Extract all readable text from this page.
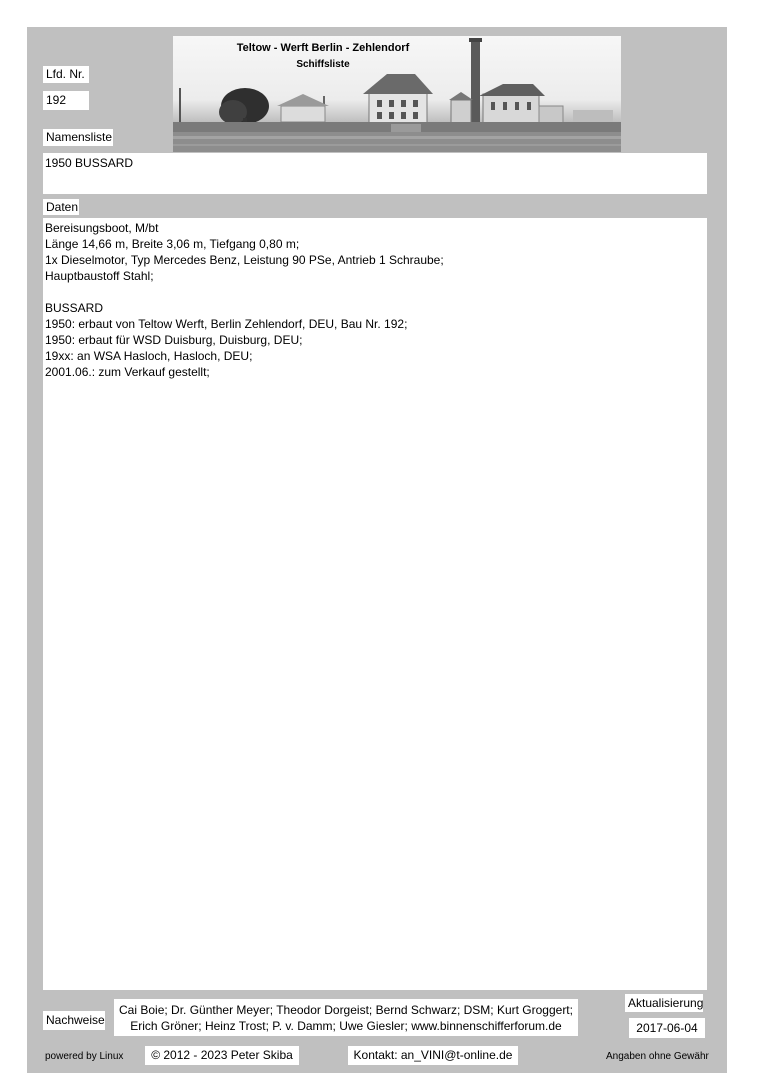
Teltow - Werft Berlin - Zehlendorf
Schiffsliste
Lfd. Nr.
192
Namensliste
1950 BUSSARD
Daten
Bereisungsboot, M/bt
Länge 14,66 m, Breite 3,06 m, Tiefgang 0,80 m;
1x Dieselmotor, Typ Mercedes Benz, Leistung 90 PSe, Antrieb 1 Schraube;
Hauptbaustoff Stahl;

BUSSARD
1950: erbaut von Teltow Werft, Berlin Zehlendorf, DEU, Bau Nr. 192;
1950: erbaut für WSD Duisburg, Duisburg, DEU;
19xx: an WSA Hasloch, Hasloch, DEU;
2001.06.: zum Verkauf gestellt;
Nachweise
Cai Boie; Dr. Günther Meyer; Theodor Dorgeist; Bernd Schwarz; DSM; Kurt Groggert;
Erich Gröner; Heinz Trost; P. v. Damm; Uwe Giesler; www.binnenschifferforum.de
Aktualisierung
2017-06-04
powered by Linux	© 2012 - 2023 Peter Skiba	Kontakt: an_VINI@t-online.de	Angaben ohne Gewähr
